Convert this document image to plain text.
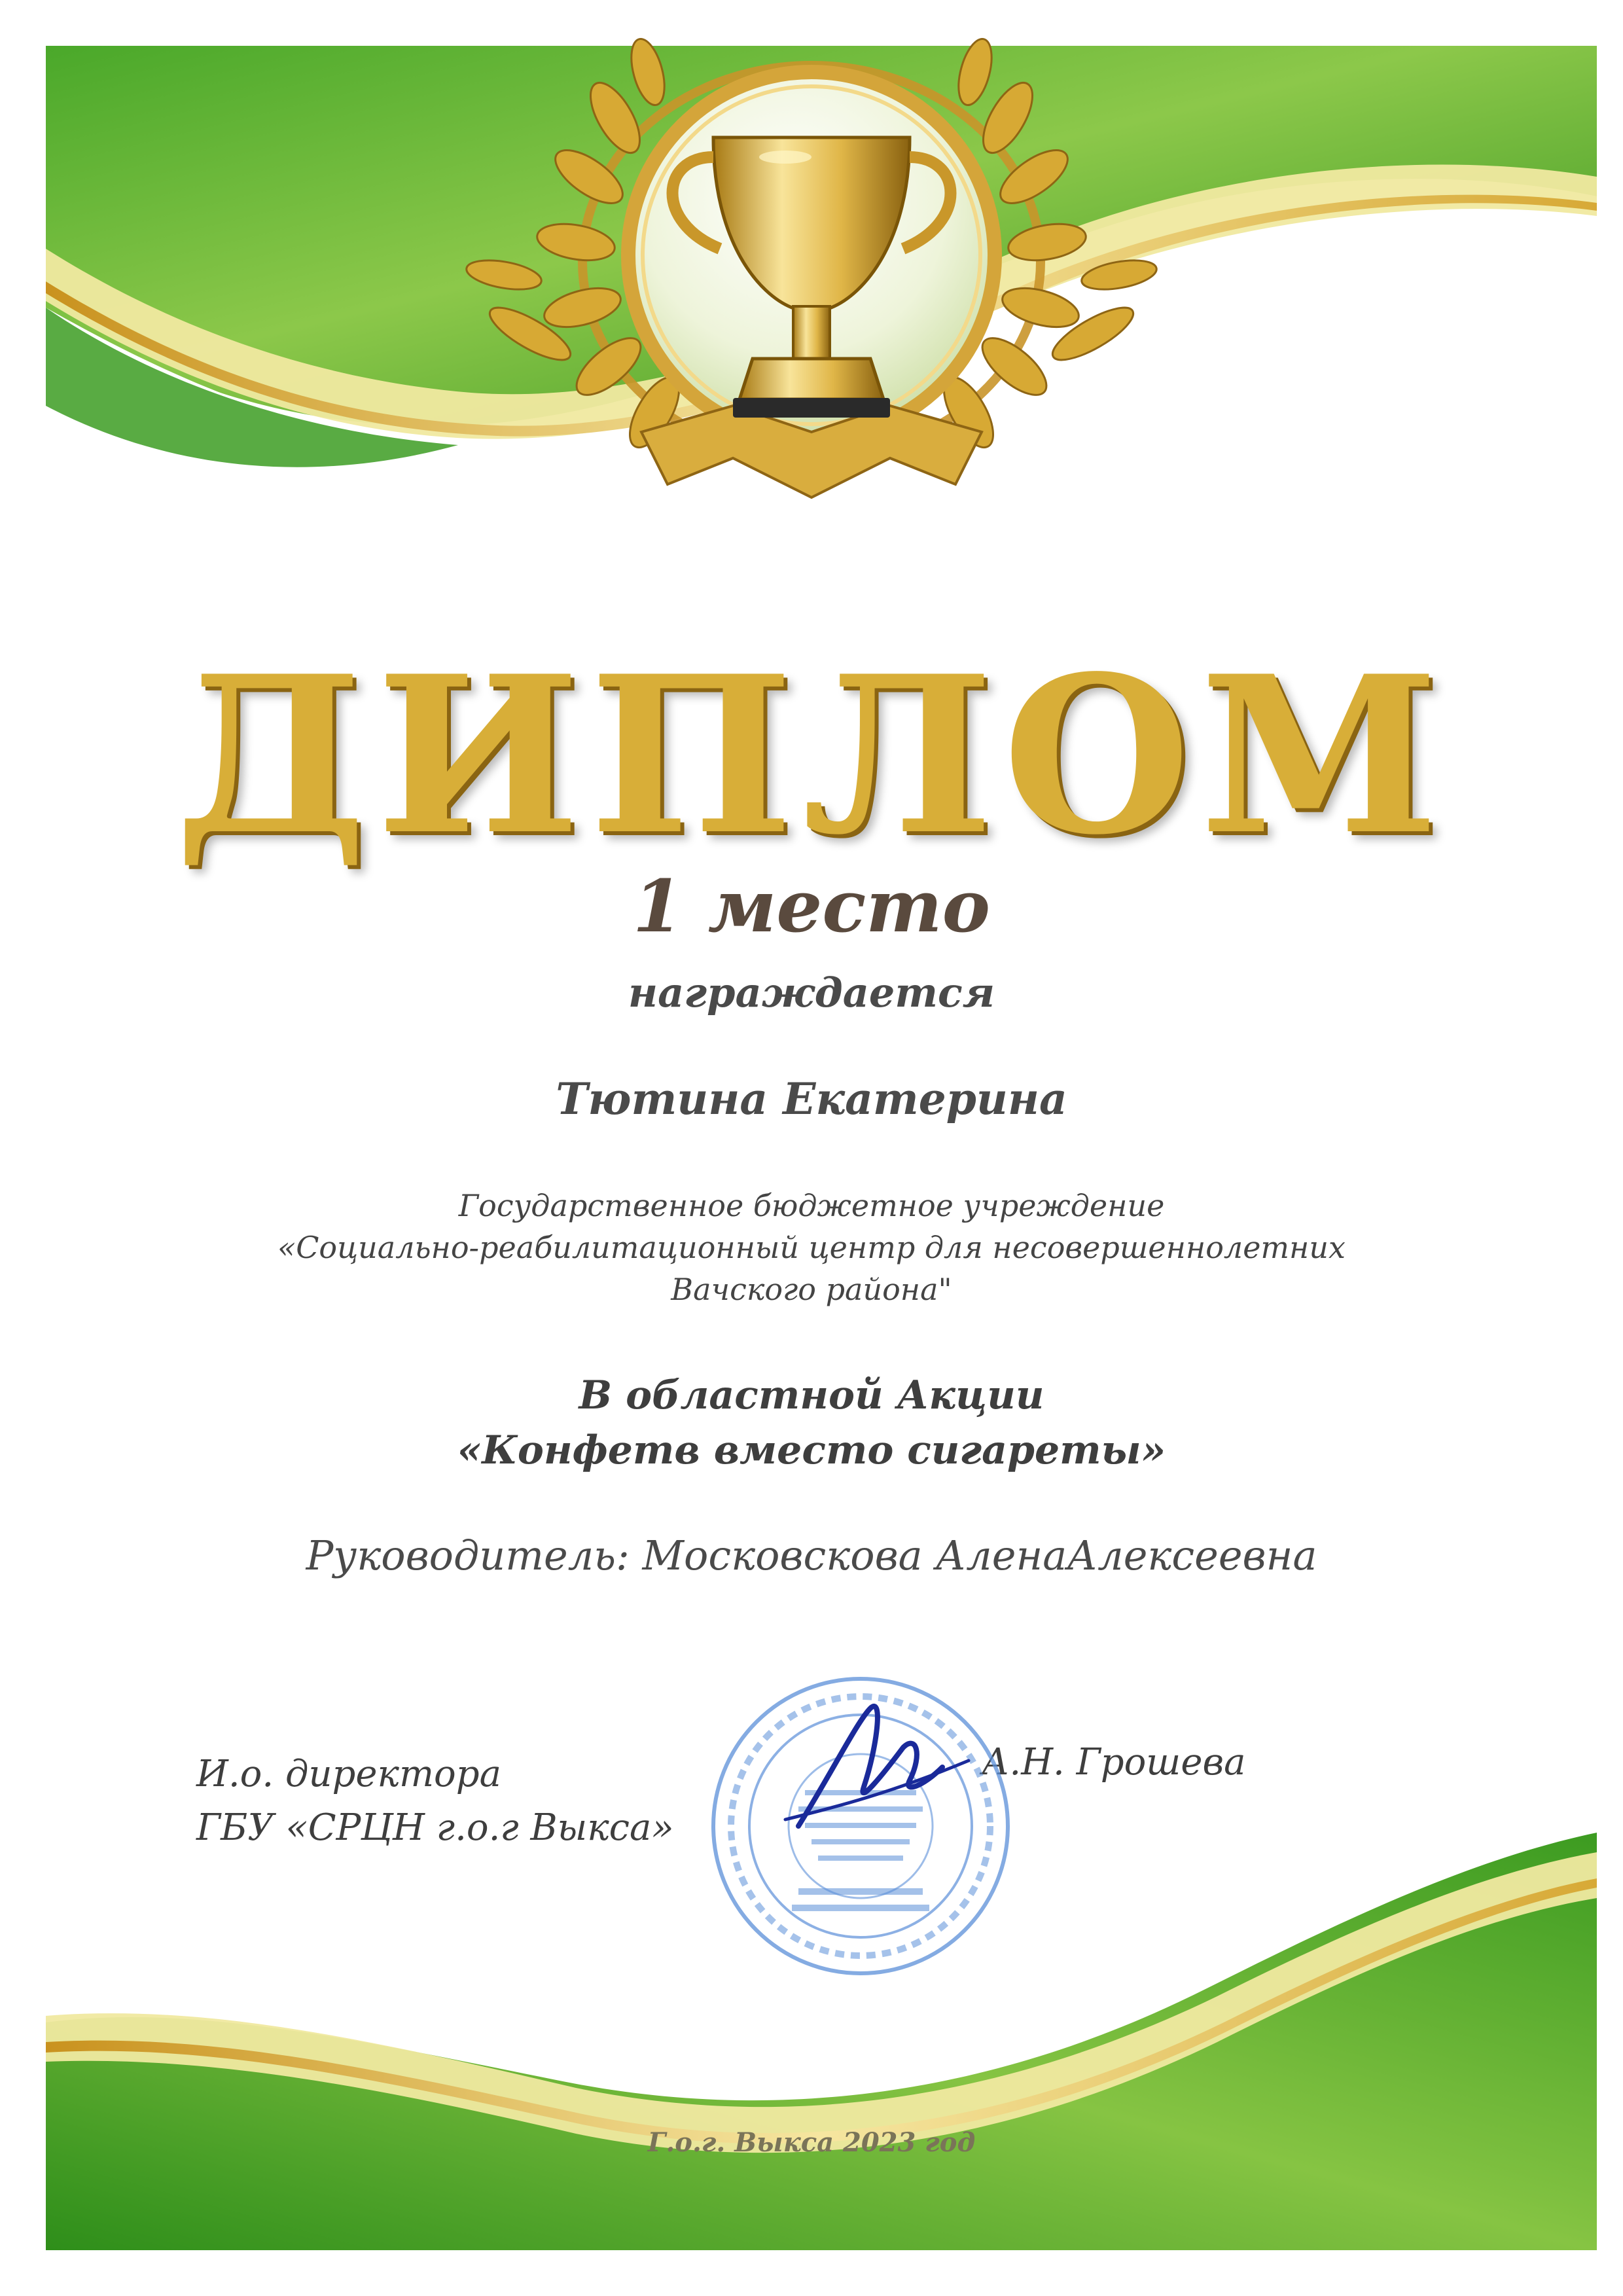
ДИПЛОМ
1 место
награждается
Тютина Екатерина
Государственное бюджетное учреждение
«Социально-реабилитационный центр для несовершеннолетних
Вачского района"
В областной Акции
«Конфетв вместо сигареты»
Руководитель: Московскова АленаАлексеевна
И.о. директора
ГБУ «СРЦН г.о.г Выкса»
А.Н. Грошева
Г.о.г. Выкса 2023 год
